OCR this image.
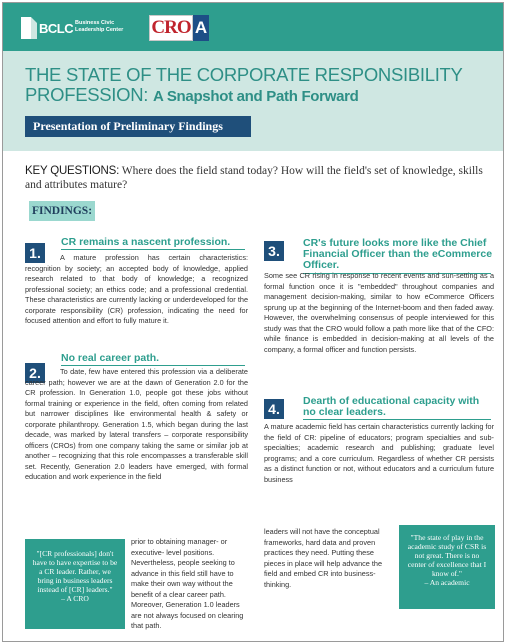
BCLC Business Civic Leadership Center	CRO A
THE STATE OF THE CORPORATE RESPONSIBILITY PROFESSION: A Snapshot and Path Forward
Presentation of Preliminary Findings
KEY QUESTIONS: Where does the field stand today? How will the field's set of knowledge, skills and attributes mature?
FINDINGS:
1.
CR remains a nascent profession.
A mature profession has certain characteristics: recognition by society; an accepted body of knowledge, applied research related to that body of knowledge; a recognized professional society; an ethics code; and a professional credential. These characteristics are currently lacking or underdeveloped for the corporate responsibility (CR) profession, indicating the need for focused attention and effort to fully mature it.
2.
No real career path.
To date, few have entered this profession via a deliberate career path; however we are at the dawn of Generation 2.0 for the CR profession. In Generation 1.0, people got these jobs without formal training or experience in the field, often coming from related but narrower disciplines like environmental health & safety or corporate philanthropy. Generation 1.5, which began during the last decade, was marked by lateral transfers – corporate responsibility officers (CROs) from one company taking the same or similar job at another – recognizing that this role encompasses a transferable skill set. Recently, Generation 2.0 leaders have emerged, with formal education and work experience in the field
prior to obtaining manager- or executive- level positions. Nevertheless, people seeking to advance in this field still have to make their own way without the benefit of a clear career path. Moreover, Generation 1.0 leaders are not always focused on clearing that path.
"[CR professionals] don't have to have expertise to be a CR leader. Rather, we bring in business leaders instead of [CR] leaders."
– A CRO
3.	CR's future looks more like the Chief Financial Officer than the eCommerce Officer.
Some see CR rising in response to recent events and sun-setting as a formal function once it is "embedded" throughout companies and management decision-making, similar to how eCommerce Officers sprung up at the beginning of the Internet-boom and then faded away. However, the overwhelming consensus of people interviewed for this study was that the CRO would follow a path more like that of the CFO: while finance is embedded in decision-making at all levels of the company, a formal officer and function persists.
4.	Dearth of educational capacity with no clear leaders.
A mature academic field has certain characteristics currently lacking for the field of CR: pipeline of educators; program specialties and sub-specialties; academic research and publishing; graduate level programs; and a core curriculum. Regardless of whether CR persists as a distinct function or not, without educators and a curriculum future business
leaders will not have the conceptual frameworks, hard data and proven practices they need. Putting these pieces in place will help advance the field and embed CR into business-thinking.
"The state of play in the academic study of CSR is not great. There is no center of excellence that I know of."
– An academic
